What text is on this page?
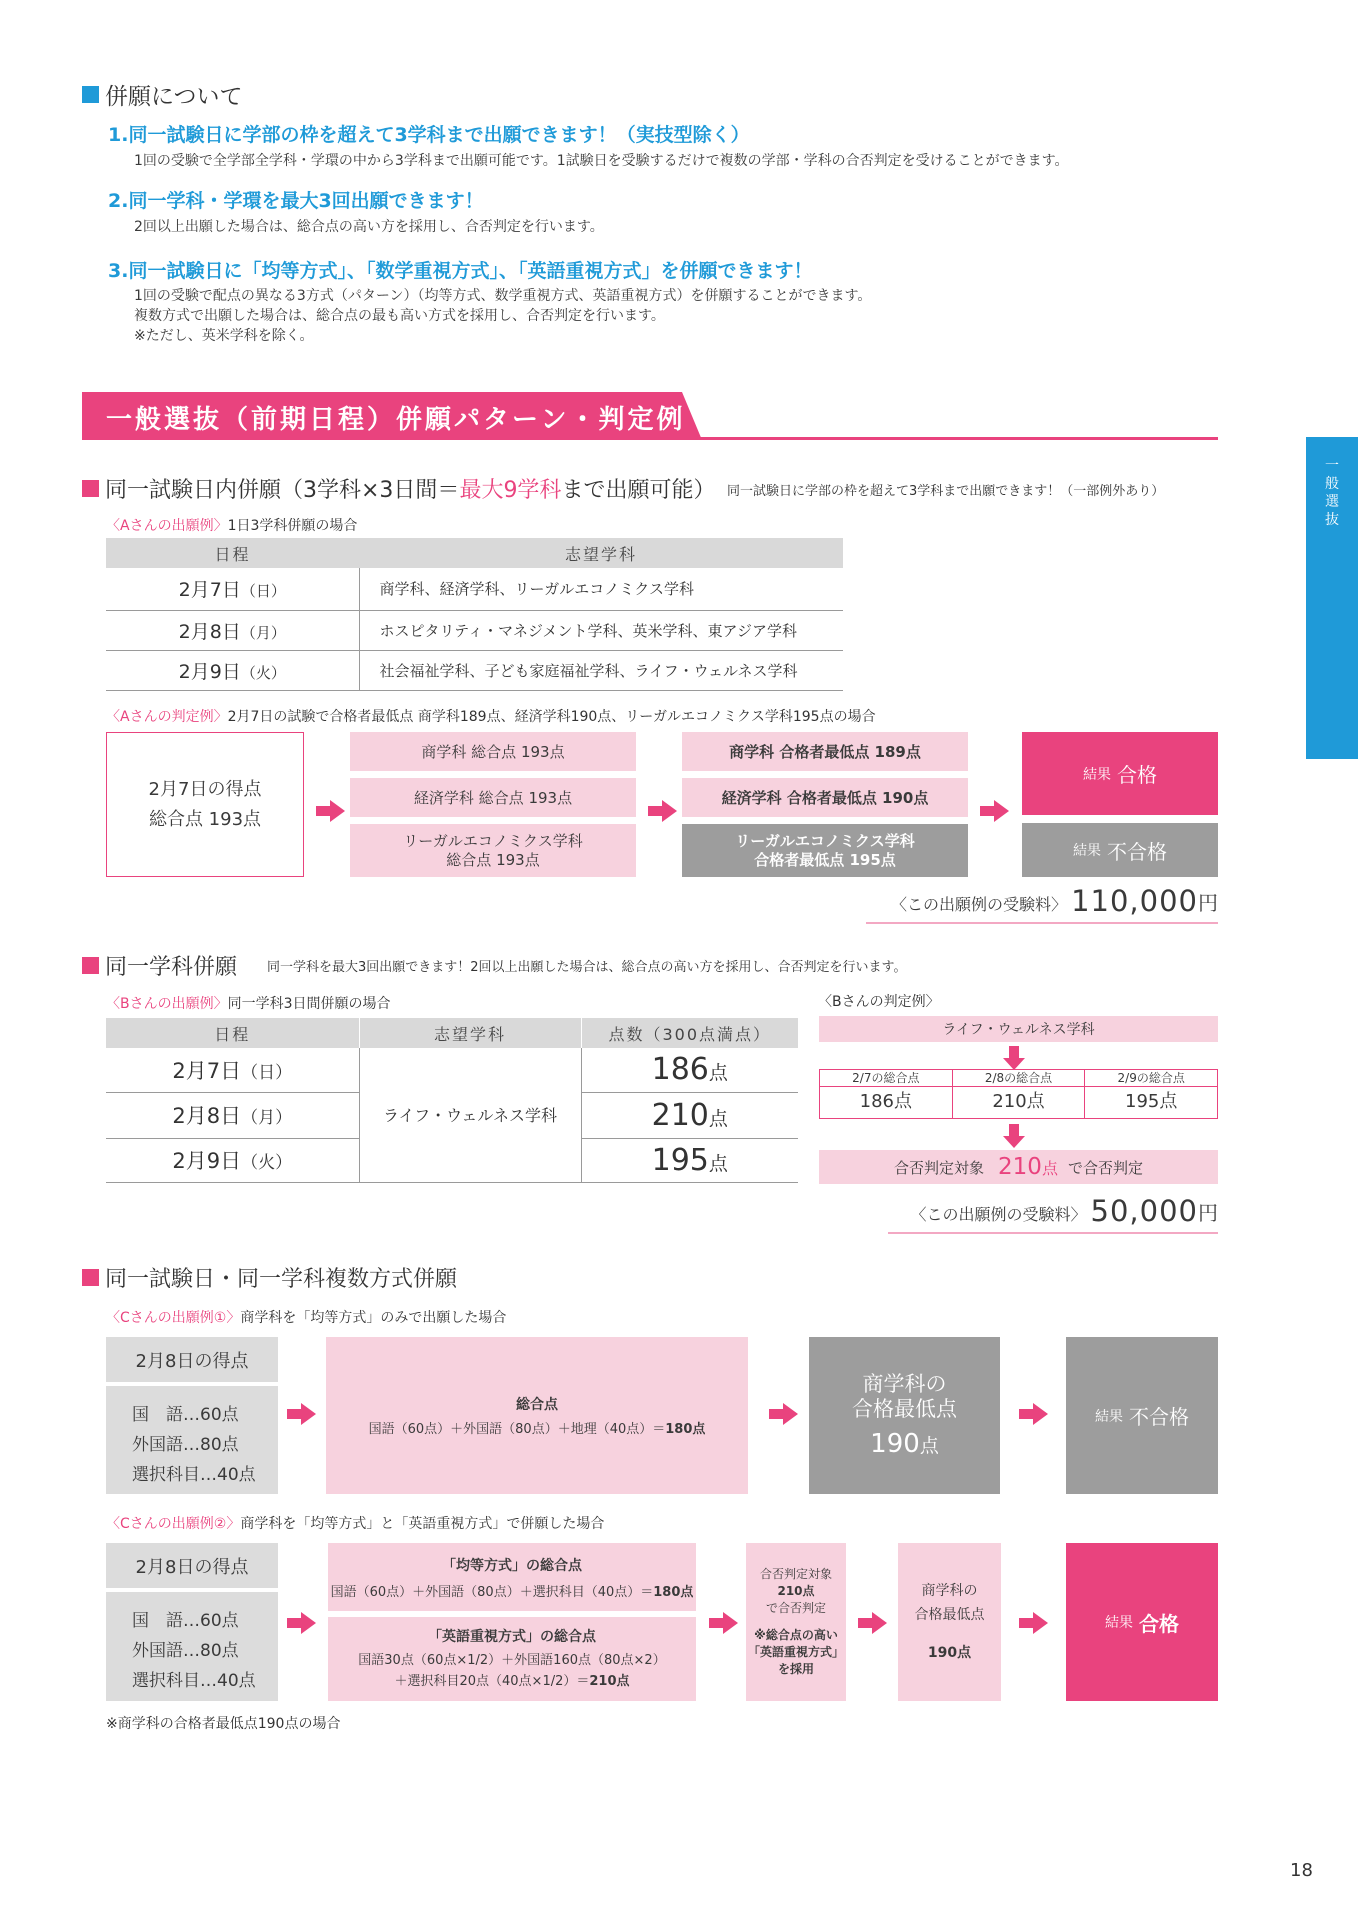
併願について
1.同一試験日に学部の枠を超えて3学科まで出願できます！（実技型除く）
1回の受験で全学部全学科・学環の中から3学科まで出願可能です。1試験日を受験するだけで複数の学部・学科の合否判定を受けることができます。
2.同一学科・学環を最大3回出願できます！
2回以上出願した場合は、総合点の高い方を採用し、合否判定を行います。
3.同一試験日に「均等方式」、「数学重視方式」、「英語重視方式」を併願できます！
1回の受験で配点の異なる3方式（パターン）（均等方式、数学重視方式、英語重視方式）を併願することができます。
複数方式で出願した場合は、総合点の最も高い方式を採用し、合否判定を行います。
※ただし、英米学科を除く。
一般選抜（前期日程）併願パターン・判定例
一
般
選
抜
同一試験日内併願（3学科×3日間＝最大9学科まで出願可能） 同一試験日に学部の枠を超えて3学科まで出願できます！（一部例外あり）
〈Aさんの出願例〉1日3学科併願の場合
日程	志望学科
2月7日（日）	商学科、経済学科、リーガルエコノミクス学科
2月8日（月）	ホスピタリティ・マネジメント学科、英米学科、東アジア学科
2月9日（火）	社会福祉学科、子ども家庭福祉学科、ライフ・ウェルネス学科
〈Aさんの判定例〉2月7日の試験で合格者最低点 商学科189点、経済学科190点、リーガルエコノミクス学科195点の場合
2月7日の得点
総合点 193点
商学科 総合点 193点
経済学科 総合点 193点
リーガルエコノミクス学科
総合点 193点
商学科 合格者最低点 189点
経済学科 合格者最低点 190点
リーガルエコノミクス学科
合格者最低点 195点
結果 合格
結果 不合格
〈この出願例の受験料〉 110,000 円
同一学科併願 同一学科を最大3回出願できます！2回以上出願した場合は、総合点の高い方を採用し、合否判定を行います。
〈Bさんの出願例〉同一学科3日間併願の場合
日程	志望学科	点数（300点満点）
2月7日（日）	ライフ・ウェルネス学科	186点
2月8日（月）		210点
2月9日（火）		195点
〈Bさんの判定例〉
ライフ・ウェルネス学科
2/7の総合点
186点
2/8の総合点
210点
2/9の総合点
195点
合否判定対象 210 点 で合否判定
〈この出願例の受験料〉 50,000 円
同一試験日・同一学科複数方式併願
〈Cさんの出願例①〉商学科を「均等方式」のみで出願した場合
2月8日の得点
国　語…60点
外国語…80点
選択科目…40点
総合点
国語（60点）＋外国語（80点）＋地理（40点）＝180点
商学科の
合格最低点
190点
結果 不合格
〈Cさんの出願例②〉商学科を「均等方式」と「英語重視方式」で併願した場合
2月8日の得点
国　語…60点
外国語…80点
選択科目…40点
「均等方式」の総合点
国語（60点）＋外国語（80点）＋選択科目（40点）＝180点
「英語重視方式」の総合点
国語30点（60点×1/2）＋外国語160点（80点×2）
＋選択科目20点（40点×1/2）＝210点
合否判定対象
210点
で合否判定
※総合点の高い
「英語重視方式」
を採用
商学科の
合格最低点
190点
結果 合格
※商学科の合格者最低点190点の場合
18
